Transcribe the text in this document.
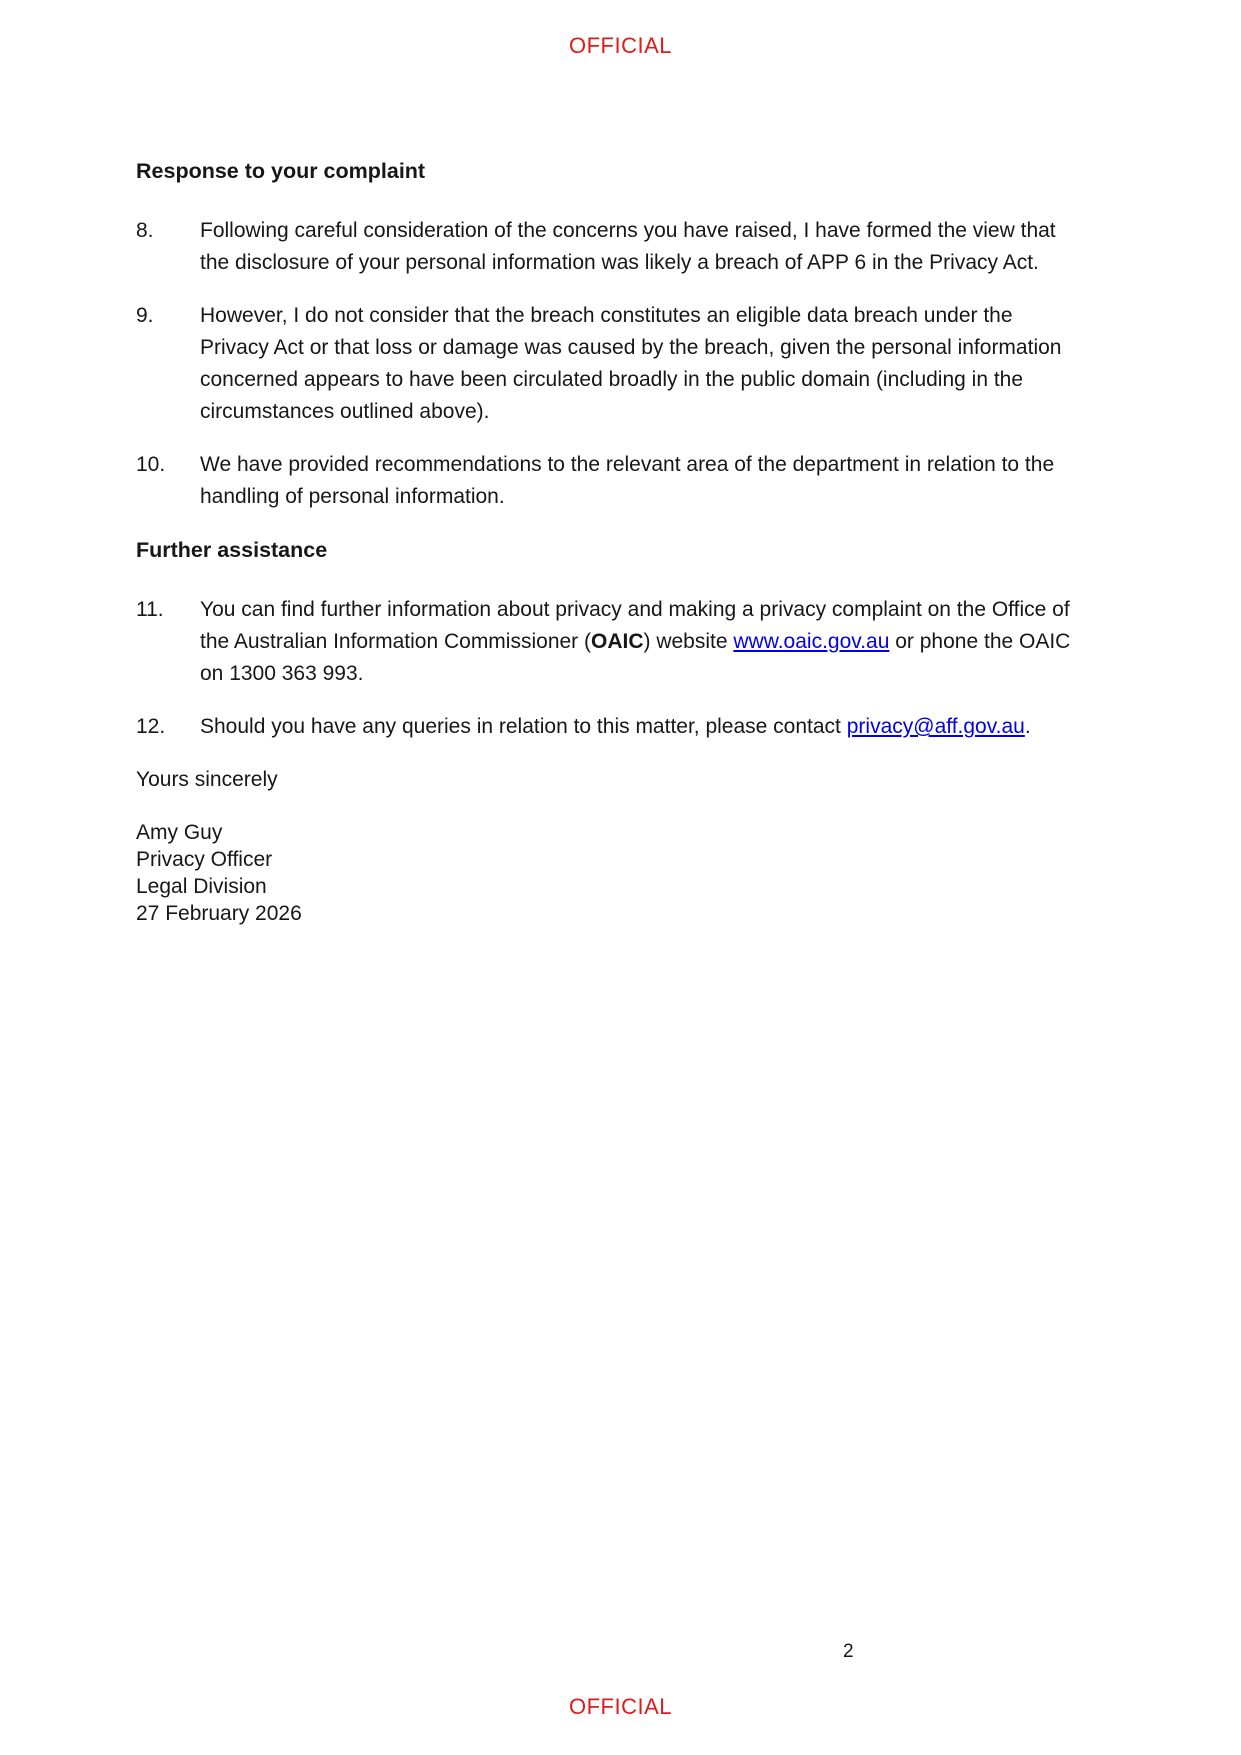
OFFICIAL
Response to your complaint
8.	Following careful consideration of the concerns you have raised, I have formed the view that the disclosure of your personal information was likely a breach of APP 6 in the Privacy Act.
9.	However, I do not consider that the breach constitutes an eligible data breach under the Privacy Act or that loss or damage was caused by the breach, given the personal information concerned appears to have been circulated broadly in the public domain (including in the circumstances outlined above).
10.	We have provided recommendations to the relevant area of the department in relation to the handling of personal information.
Further assistance
11.	You can find further information about privacy and making a privacy complaint on the Office of the Australian Information Commissioner (OAIC) website www.oaic.gov.au or phone the OAIC on 1300 363 993.
12.	Should you have any queries in relation to this matter, please contact privacy@aff.gov.au.
Yours sincerely
Amy Guy
Privacy Officer
Legal Division
27 February 2026
2
OFFICIAL
